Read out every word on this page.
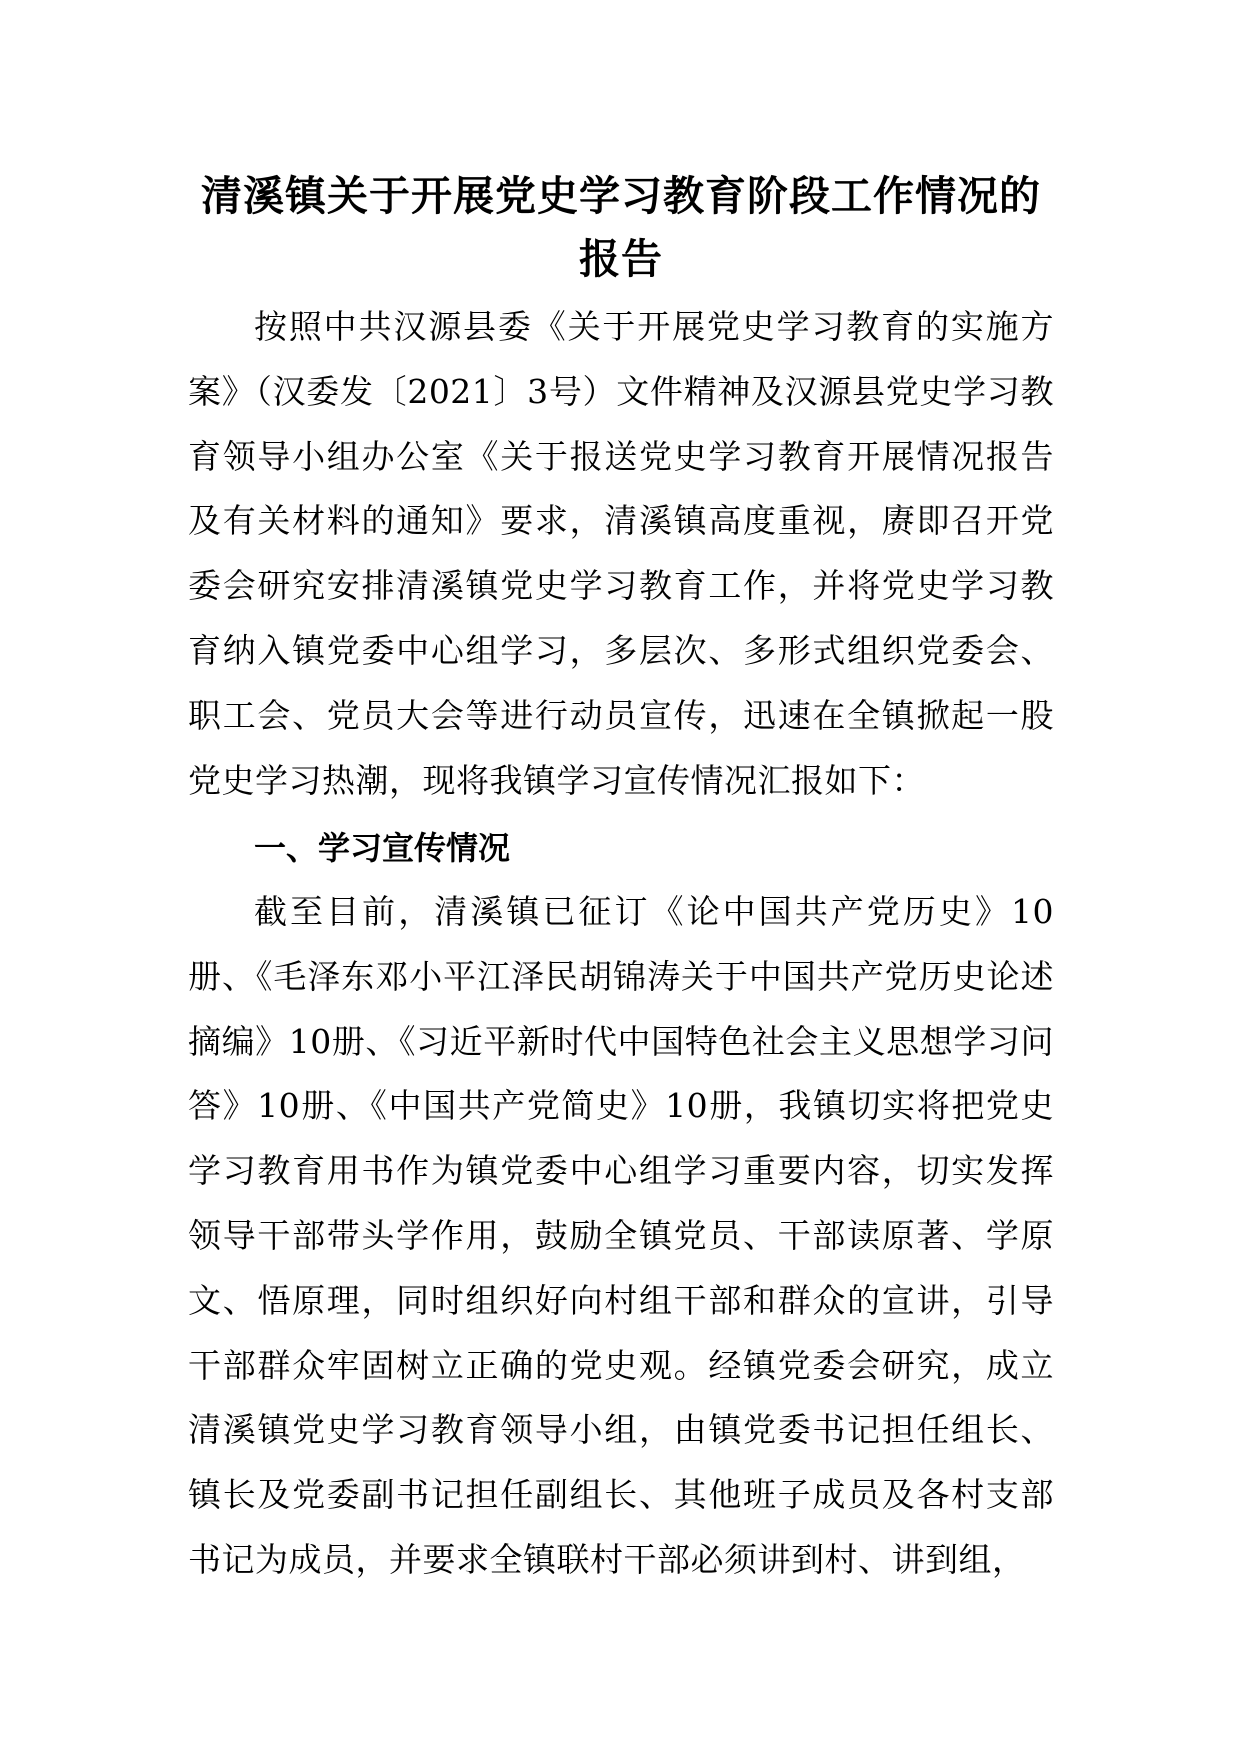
清溪镇关于开展党史学习教育阶段工作情况的报告

按照中共汉源县委《关于开展党史学习教育的实施方案》（汉委发〔2021〕3号）文件精神及汉源县党史学习教育领导小组办公室《关于报送党史学习教育开展情况报告及有关材料的通知》要求，清溪镇高度重视，赓即召开党委会研究安排清溪镇党史学习教育工作，并将党史学习教育纳入镇党委中心组学习，多层次、多形式组织党委会、职工会、党员大会等进行动员宣传，迅速在全镇掀起一股党史学习热潮，现将我镇学习宣传情况汇报如下：

一、学习宣传情况

截至目前，清溪镇已征订《论中国共产党历史》10册、《毛泽东邓小平江泽民胡锦涛关于中国共产党历史论述摘编》10册、《习近平新时代中国特色社会主义思想学习问答》10册、《中国共产党简史》10册，我镇切实将把党史学习教育用书作为镇党委中心组学习重要内容，切实发挥领导干部带头学作用，鼓励全镇党员、干部读原著、学原文、悟原理，同时组织好向村组干部和群众的宣讲，引导干部群众牢固树立正确的党史观。经镇党委会研究，成立清溪镇党史学习教育领导小组，由镇党委书记担任组长、镇长及党委副书记担任副组长、其他班子成员及各村支部书记为成员，并要求全镇联村干部必须讲到村、讲到组，
